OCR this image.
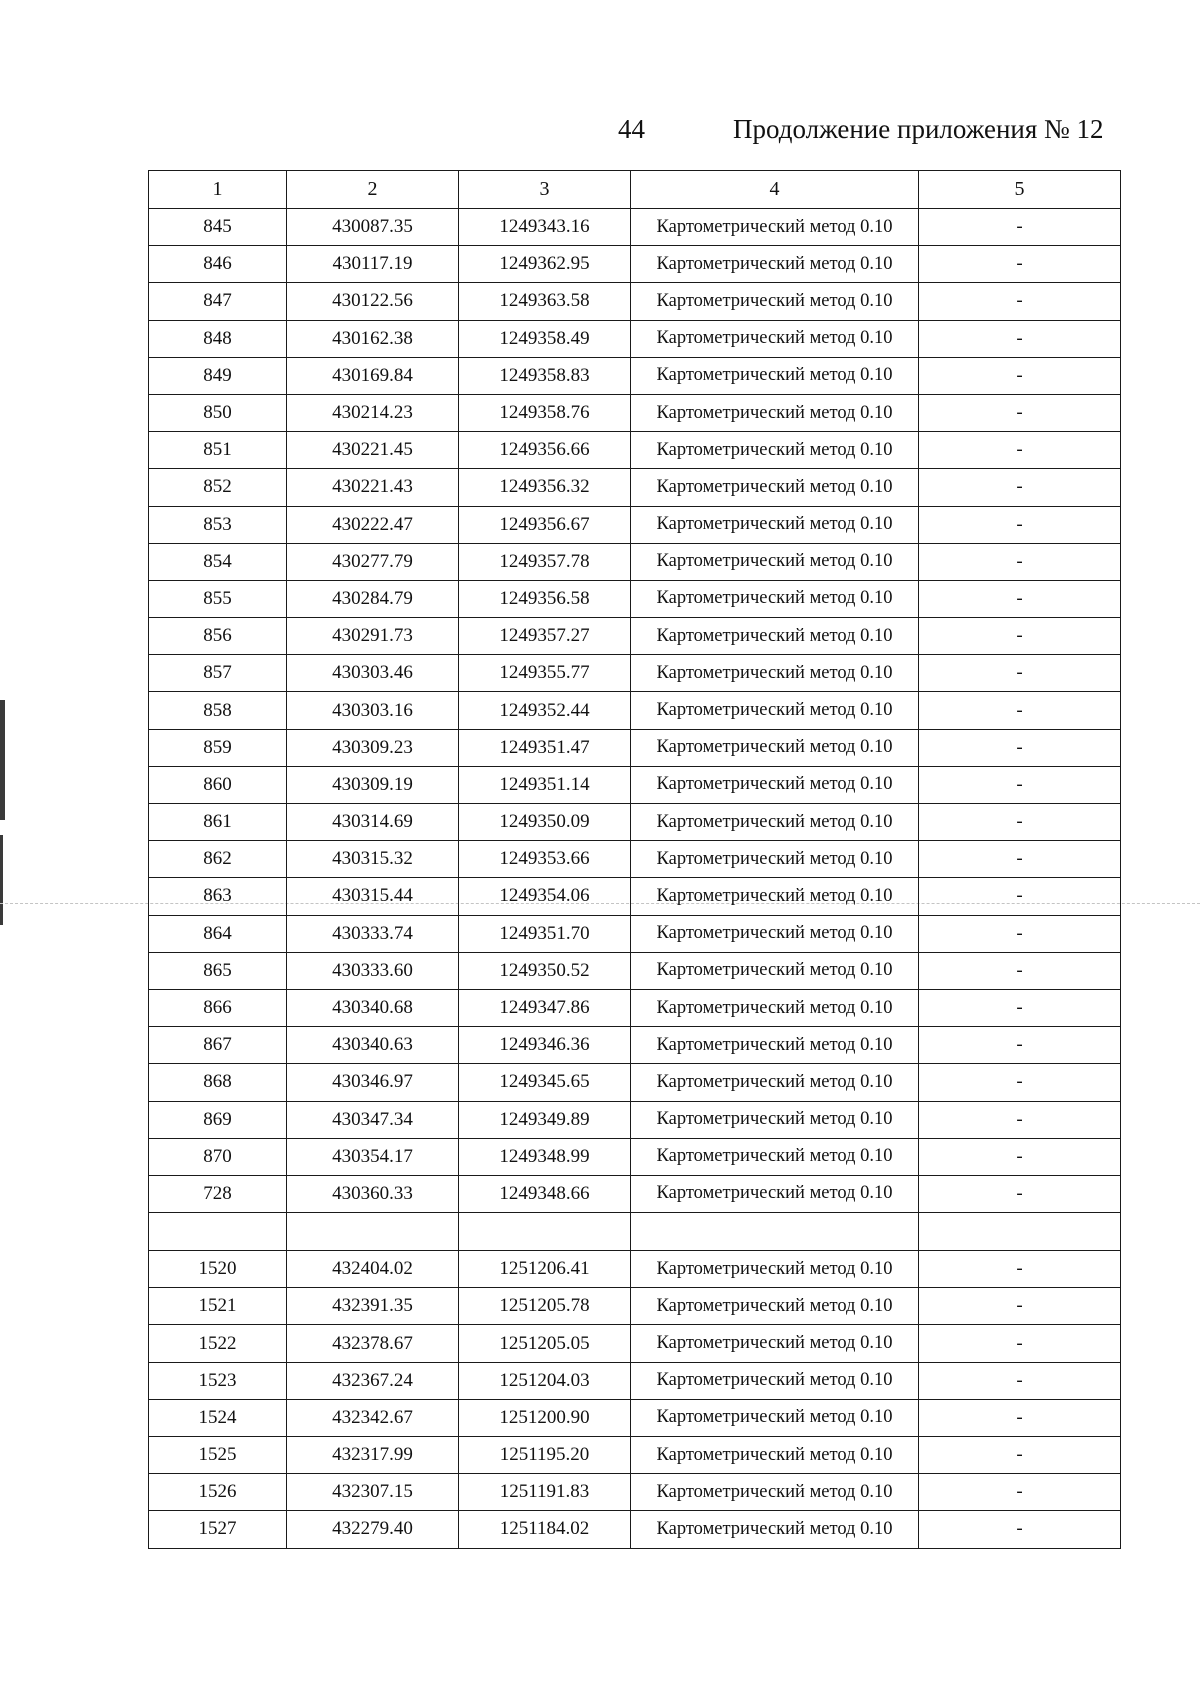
44	Продолжение приложения № 12
1	2	3	4	5
845	430087.35	1249343.16	Картометрический метод 0.10	-
846	430117.19	1249362.95	Картометрический метод 0.10	-
847	430122.56	1249363.58	Картометрический метод 0.10	-
848	430162.38	1249358.49	Картометрический метод 0.10	-
849	430169.84	1249358.83	Картометрический метод 0.10	-
850	430214.23	1249358.76	Картометрический метод 0.10	-
851	430221.45	1249356.66	Картометрический метод 0.10	-
852	430221.43	1249356.32	Картометрический метод 0.10	-
853	430222.47	1249356.67	Картометрический метод 0.10	-
854	430277.79	1249357.78	Картометрический метод 0.10	-
855	430284.79	1249356.58	Картометрический метод 0.10	-
856	430291.73	1249357.27	Картометрический метод 0.10	-
857	430303.46	1249355.77	Картометрический метод 0.10	-
858	430303.16	1249352.44	Картометрический метод 0.10	-
859	430309.23	1249351.47	Картометрический метод 0.10	-
860	430309.19	1249351.14	Картометрический метод 0.10	-
861	430314.69	1249350.09	Картометрический метод 0.10	-
862	430315.32	1249353.66	Картометрический метод 0.10	-
863	430315.44	1249354.06	Картометрический метод 0.10	-
864	430333.74	1249351.70	Картометрический метод 0.10	-
865	430333.60	1249350.52	Картометрический метод 0.10	-
866	430340.68	1249347.86	Картометрический метод 0.10	-
867	430340.63	1249346.36	Картометрический метод 0.10	-
868	430346.97	1249345.65	Картометрический метод 0.10	-
869	430347.34	1249349.89	Картометрический метод 0.10	-
870	430354.17	1249348.99	Картометрический метод 0.10	-
728	430360.33	1249348.66	Картометрический метод 0.10	-

1520	432404.02	1251206.41	Картометрический метод 0.10	-
1521	432391.35	1251205.78	Картометрический метод 0.10	-
1522	432378.67	1251205.05	Картометрический метод 0.10	-
1523	432367.24	1251204.03	Картометрический метод 0.10	-
1524	432342.67	1251200.90	Картометрический метод 0.10	-
1525	432317.99	1251195.20	Картометрический метод 0.10	-
1526	432307.15	1251191.83	Картометрический метод 0.10	-
1527	432279.40	1251184.02	Картометрический метод 0.10	-
